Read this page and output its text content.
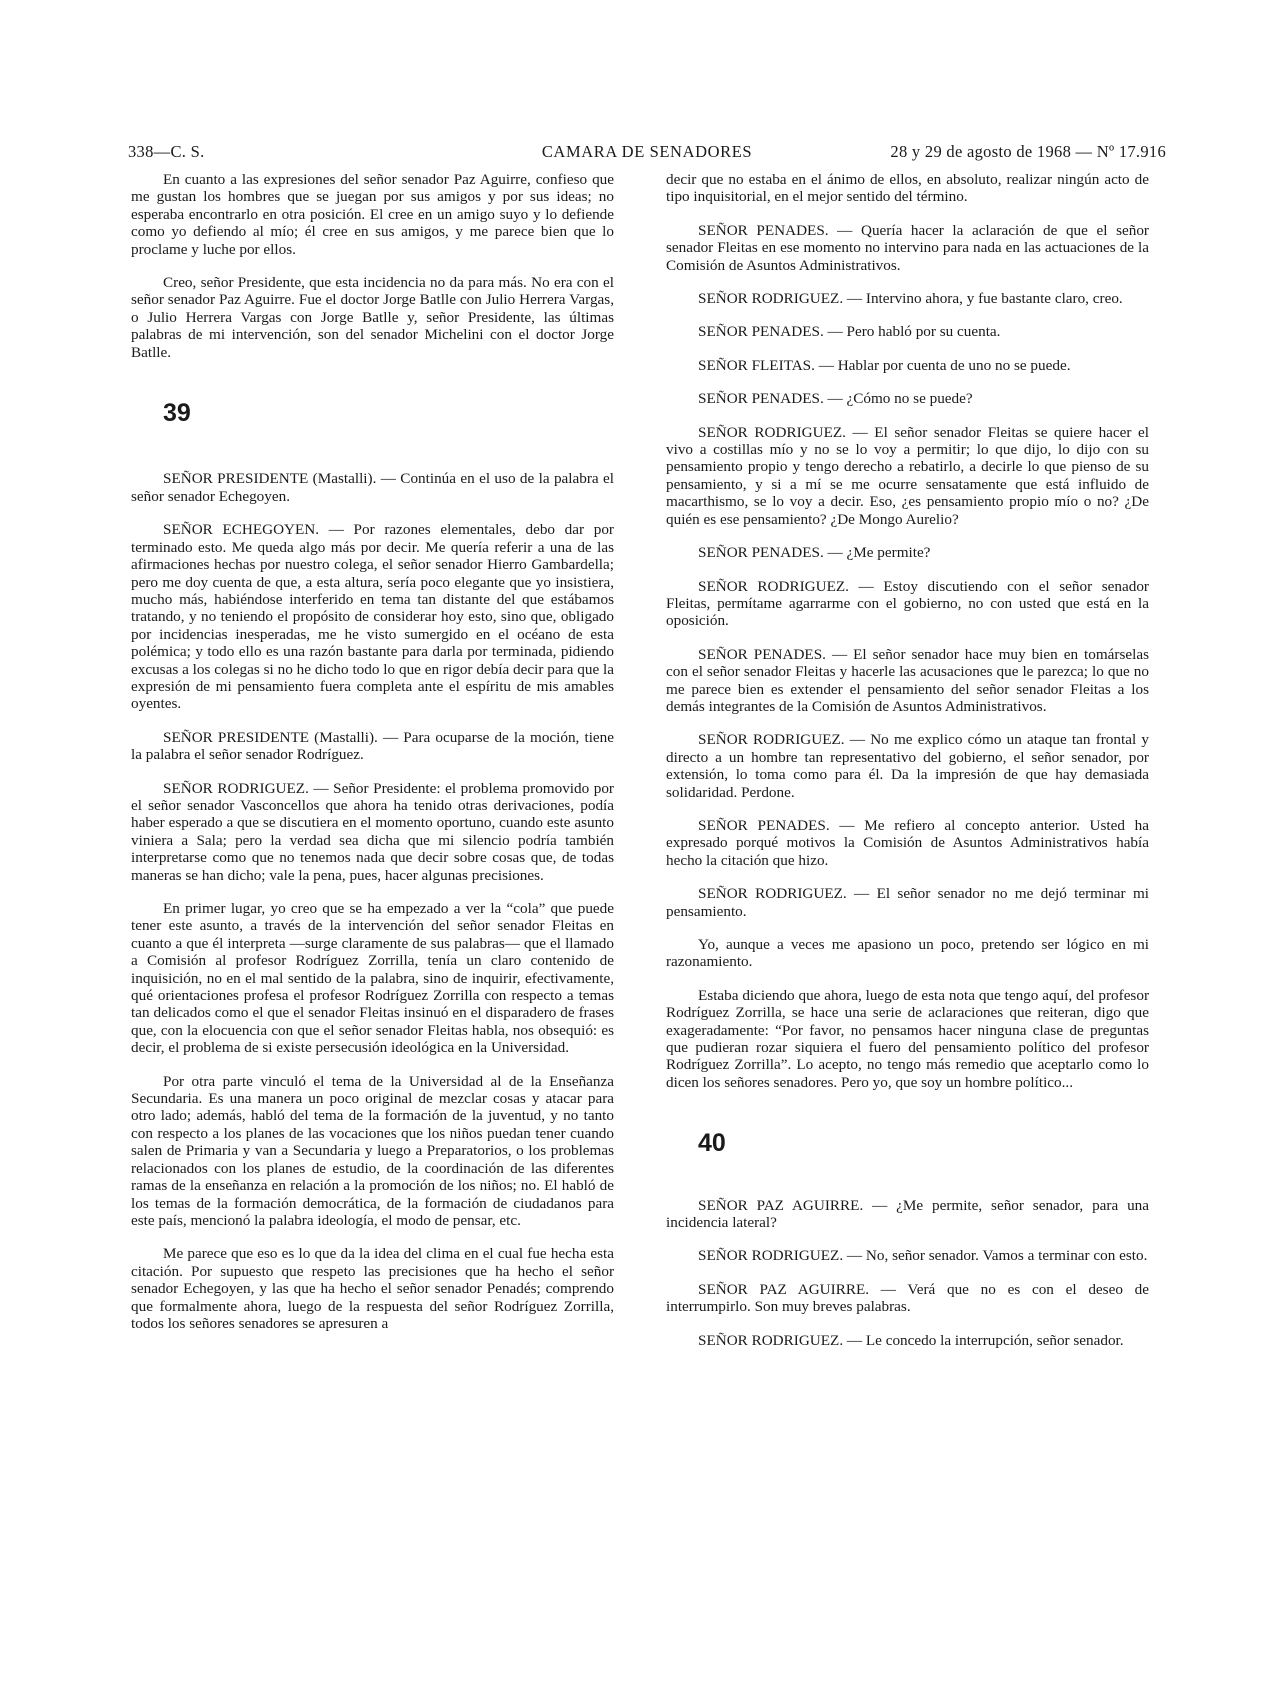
338—C. S.	CAMARA DE SENADORES	28 y 29 de agosto de 1968 — Nº 17.916

En cuanto a las expresiones del señor senador Paz Aguirre, confieso que me gustan los hombres que se juegan por sus amigos y por sus ideas; no esperaba encontrarlo en otra posición. El cree en un amigo suyo y lo defiende como yo defiendo al mío; él cree en sus amigos, y me parece bien que lo proclame y luche por ellos.

Creo, señor Presidente, que esta incidencia no da para más. No era con el señor senador Paz Aguirre. Fue el doctor Jorge Batlle con Julio Herrera Vargas, o Julio Herrera Vargas con Jorge Batlle y, señor Presidente, las últimas palabras de mi intervención, son del senador Michelini con el doctor Jorge Batlle.

39

SEÑOR PRESIDENTE (Mastalli). — Continúa en el uso de la palabra el señor senador Echegoyen.

SEÑOR ECHEGOYEN. — Por razones elementales, debo dar por terminado esto. Me queda algo más por decir. Me quería referir a una de las afirmaciones hechas por nuestro colega, el señor senador Hierro Gambardella; pero me doy cuenta de que, a esta altura, sería poco elegante que yo insistiera, mucho más, habiéndose interferido en tema tan distante del que estábamos tratando, y no teniendo el propósito de considerar hoy esto, sino que, obligado por incidencias inesperadas, me he visto sumergido en el océano de esta polémica; y todo ello es una razón bastante para darla por terminada, pidiendo excusas a los colegas si no he dicho todo lo que en rigor debía decir para que la expresión de mi pensamiento fuera completa ante el espíritu de mis amables oyentes.

SEÑOR PRESIDENTE (Mastalli). — Para ocuparse de la moción, tiene la palabra el señor senador Rodríguez.

SEÑOR RODRIGUEZ. — Señor Presidente: el problema promovido por el señor senador Vasconcellos que ahora ha tenido otras derivaciones, podía haber esperado a que se discutiera en el momento oportuno, cuando este asunto viniera a Sala; pero la verdad sea dicha que mi silencio podría también interpretarse como que no tenemos nada que decir sobre cosas que, de todas maneras se han dicho; vale la pena, pues, hacer algunas precisiones.

En primer lugar, yo creo que se ha empezado a ver la “cola” que puede tener este asunto, a través de la intervención del señor senador Fleitas en cuanto a que él interpreta —surge claramente de sus palabras— que el llamado a Comisión al profesor Rodríguez Zorrilla, tenía un claro contenido de inquisición, no en el mal sentido de la palabra, sino de inquirir, efectivamente, qué orientaciones profesa el profesor Rodríguez Zorrilla con respecto a temas tan delicados como el que el senador Fleitas insinuó en el disparadero de frases que, con la elocuencia con que el señor senador Fleitas habla, nos obsequió: es decir, el problema de si existe persecusión ideológica en la Universidad.

Por otra parte vinculó el tema de la Universidad al de la Enseñanza Secundaria. Es una manera un poco original de mezclar cosas y atacar para otro lado; además, habló del tema de la formación de la juventud, y no tanto con respecto a los planes de las vocaciones que los niños puedan tener cuando salen de Primaria y van a Secundaria y luego a Preparatorios, o los problemas relacionados con los planes de estudio, de la coordinación de las diferentes ramas de la enseñanza en relación a la promoción de los niños; no. El habló de los temas de la formación democrática, de la formación de ciudadanos para este país, mencionó la palabra ideología, el modo de pensar, etc.

Me parece que eso es lo que da la idea del clima en el cual fue hecha esta citación. Por supuesto que respeto las precisiones que ha hecho el señor senador Echegoyen, y las que ha hecho el señor senador Penadés; comprendo que formalmente ahora, luego de la respuesta del señor Rodríguez Zorrilla, todos los señores senadores se apresuren a

decir que no estaba en el ánimo de ellos, en absoluto, realizar ningún acto de tipo inquisitorial, en el mejor sentido del término.

SEÑOR PENADES. — Quería hacer la aclaración de que el señor senador Fleitas en ese momento no intervino para nada en las actuaciones de la Comisión de Asuntos Administrativos.

SEÑOR RODRIGUEZ. — Intervino ahora, y fue bastante claro, creo.

SEÑOR PENADES. — Pero habló por su cuenta.

SEÑOR FLEITAS. — Hablar por cuenta de uno no se puede.

SEÑOR PENADES. — ¿Cómo no se puede?

SEÑOR RODRIGUEZ. — El señor senador Fleitas se quiere hacer el vivo a costillas mío y no se lo voy a permitir; lo que dijo, lo dijo con su pensamiento propio y tengo derecho a rebatirlo, a decirle lo que pienso de su pensamiento, y si a mí se me ocurre sensatamente que está influido de macarthismo, se lo voy a decir. Eso, ¿es pensamiento propio mío o no? ¿De quién es ese pensamiento? ¿De Mongo Aurelio?

SEÑOR PENADES. — ¿Me permite?

SEÑOR RODRIGUEZ. — Estoy discutiendo con el señor senador Fleitas, permítame agarrarme con el gobierno, no con usted que está en la oposición.

SEÑOR PENADES. — El señor senador hace muy bien en tomárselas con el señor senador Fleitas y hacerle las acusaciones que le parezca; lo que no me parece bien es extender el pensamiento del señor senador Fleitas a los demás integrantes de la Comisión de Asuntos Administrativos.

SEÑOR RODRIGUEZ. — No me explico cómo un ataque tan frontal y directo a un hombre tan representativo del gobierno, el señor senador, por extensión, lo toma como para él. Da la impresión de que hay demasiada solidaridad. Perdone.

SEÑOR PENADES. — Me refiero al concepto anterior. Usted ha expresado porqué motivos la Comisión de Asuntos Administrativos había hecho la citación que hizo.

SEÑOR RODRIGUEZ. — El señor senador no me dejó terminar mi pensamiento.

Yo, aunque a veces me apasiono un poco, pretendo ser lógico en mi razonamiento.

Estaba diciendo que ahora, luego de esta nota que tengo aquí, del profesor Rodríguez Zorrilla, se hace una serie de aclaraciones que reiteran, digo que exageradamente: “Por favor, no pensamos hacer ninguna clase de preguntas que pudieran rozar siquiera el fuero del pensamiento político del profesor Rodríguez Zorrilla”. Lo acepto, no tengo más remedio que aceptarlo como lo dicen los señores senadores. Pero yo, que soy un hombre político...

40

SEÑOR PAZ AGUIRRE. — ¿Me permite, señor senador, para una incidencia lateral?

SEÑOR RODRIGUEZ. — No, señor senador. Vamos a terminar con esto.

SEÑOR PAZ AGUIRRE. — Verá que no es con el deseo de interrumpirlo. Son muy breves palabras.

SEÑOR RODRIGUEZ. — Le concedo la interrupción, señor senador.
